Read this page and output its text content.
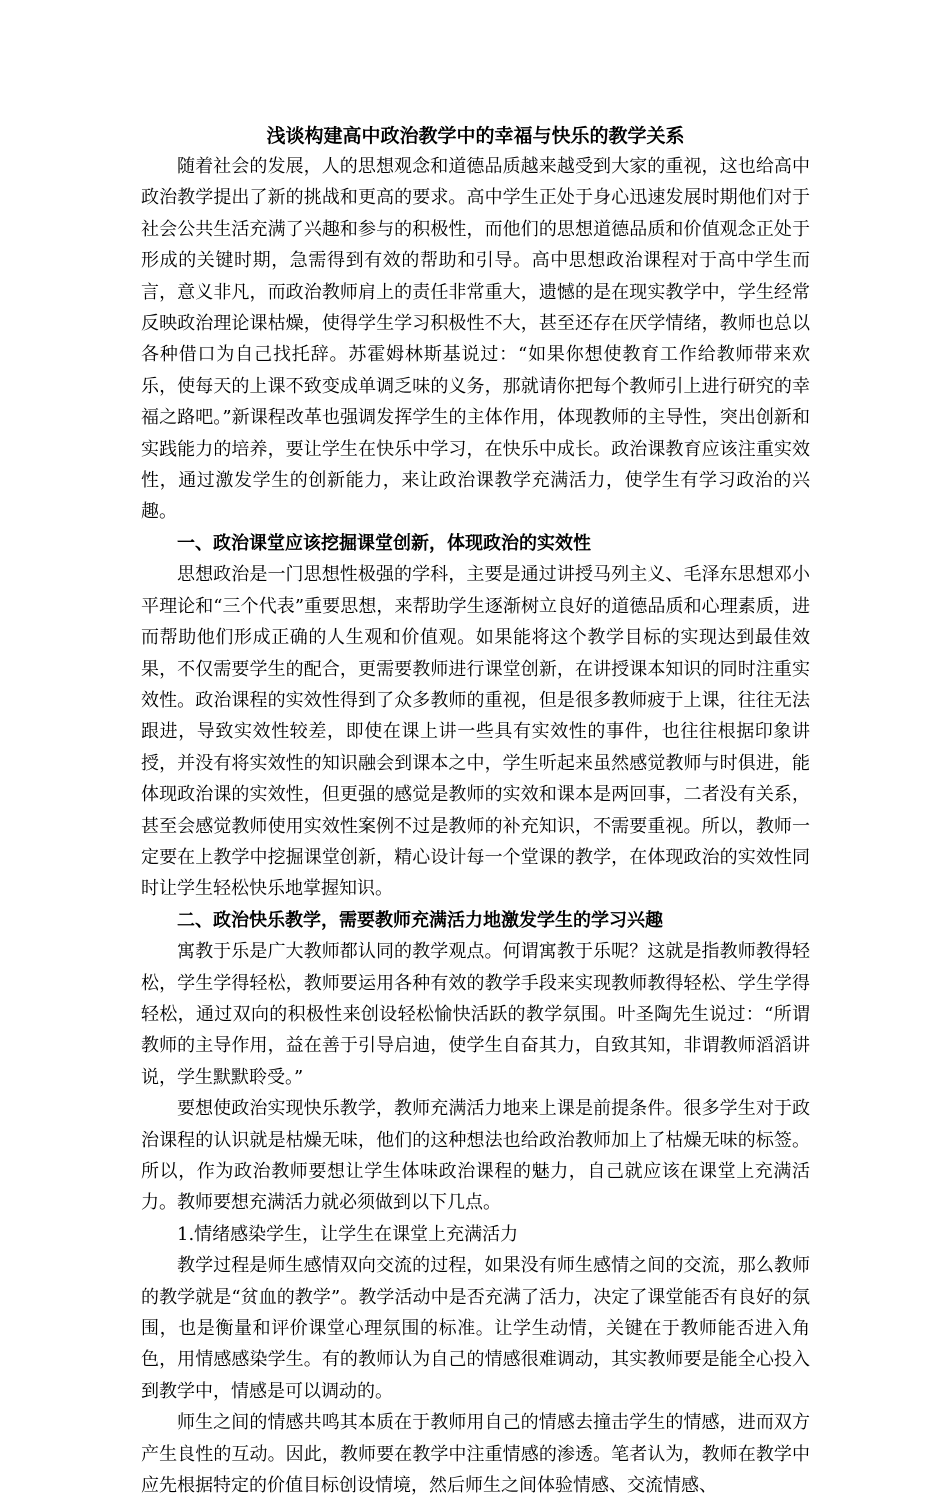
浅谈构建高中政治教学中的幸福与快乐的教学关系

随着社会的发展，人的思想观念和道德品质越来越受到大家的重视，这也给高中政治教学提出了新的挑战和更高的要求。高中学生正处于身心迅速发展时期他们对于社会公共生活充满了兴趣和参与的积极性，而他们的思想道德品质和价值观念正处于形成的关键时期，急需得到有效的帮助和引导。高中思想政治课程对于高中学生而言，意义非凡，而政治教师肩上的责任非常重大，遗憾的是在现实教学中，学生经常反映政治理论课枯燥，使得学生学习积极性不大，甚至还存在厌学情绪，教师也总以各种借口为自己找托辞。苏霍姆林斯基说过：“如果你想使教育工作给教师带来欢乐，使每天的上课不致变成单调乏味的义务，那就请你把每个教师引上进行研究的幸福之路吧。”新课程改革也强调发挥学生的主体作用，体现教师的主导性，突出创新和实践能力的培养，要让学生在快乐中学习，在快乐中成长。政治课教育应该注重实效性，通过激发学生的创新能力，来让政治课教学充满活力，使学生有学习政治的兴趣。

一、政治课堂应该挖掘课堂创新，体现政治的实效性

思想政治是一门思想性极强的学科，主要是通过讲授马列主义、毛泽东思想邓小平理论和“三个代表”重要思想，来帮助学生逐渐树立良好的道德品质和心理素质，进而帮助他们形成正确的人生观和价值观。如果能将这个教学目标的实现达到最佳效果，不仅需要学生的配合，更需要教师进行课堂创新，在讲授课本知识的同时注重实效性。政治课程的实效性得到了众多教师的重视，但是很多教师疲于上课，往往无法跟进，导致实效性较差，即使在课上讲一些具有实效性的事件，也往往根据印象讲授，并没有将实效性的知识融会到课本之中，学生听起来虽然感觉教师与时俱进，能体现政治课的实效性，但更强的感觉是教师的实效和课本是两回事，二者没有关系，甚至会感觉教师使用实效性案例不过是教师的补充知识，不需要重视。所以，教师一定要在上教学中挖掘课堂创新，精心设计每一个堂课的教学，在体现政治的实效性同时让学生轻松快乐地掌握知识。

二、政治快乐教学，需要教师充满活力地激发学生的学习兴趣

寓教于乐是广大教师都认同的教学观点。何谓寓教于乐呢？这就是指教师教得轻松，学生学得轻松，教师要运用各种有效的教学手段来实现教师教得轻松、学生学得轻松，通过双向的积极性来创设轻松愉快活跃的教学氛围。叶圣陶先生说过：“所谓教师的主导作用，益在善于引导启迪，使学生自奋其力，自致其知，非谓教师滔滔讲说，学生默默聆受。”

要想使政治实现快乐教学，教师充满活力地来上课是前提条件。很多学生对于政治课程的认识就是枯燥无味，他们的这种想法也给政治教师加上了枯燥无味的标签。所以，作为政治教师要想让学生体味政治课程的魅力，自己就应该在课堂上充满活力。教师要想充满活力就必须做到以下几点。

1.情绪感染学生，让学生在课堂上充满活力

教学过程是师生感情双向交流的过程，如果没有师生感情之间的交流，那么教师的教学就是“贫血的教学”。教学活动中是否充满了活力，决定了课堂能否有良好的氛围，也是衡量和评价课堂心理氛围的标准。让学生动情，关键在于教师能否进入角色，用情感感染学生。有的教师认为自己的情感很难调动，其实教师要是能全心投入到教学中，情感是可以调动的。

师生之间的情感共鸣其本质在于教师用自己的情感去撞击学生的情感，进而双方产生良性的互动。因此，教师要在教学中注重情感的渗透。笔者认为，教师在教学中应先根据特定的价值目标创设情境，然后师生之间体验情感、交流情感、
